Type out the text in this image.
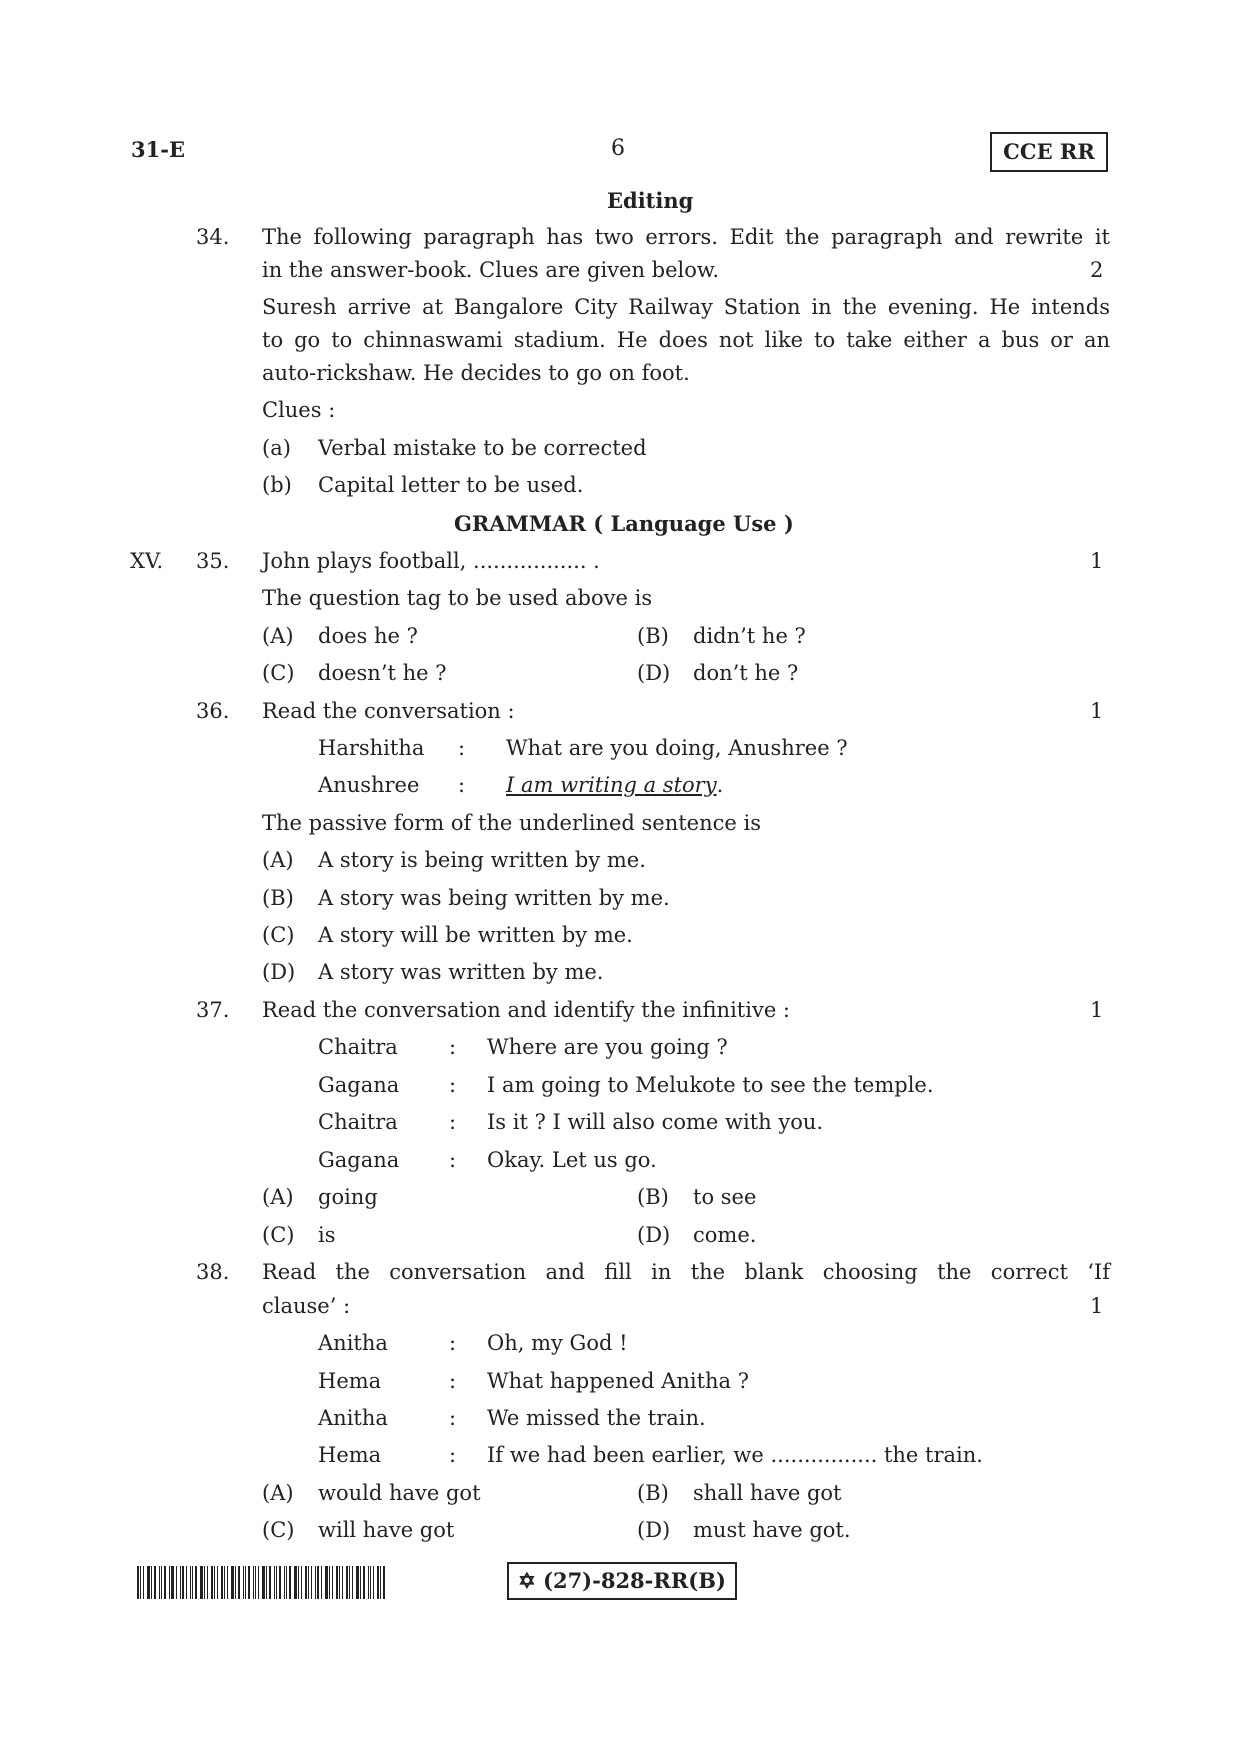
31-E	6	CCE RR
Editing
34. The following paragraph has two errors. Edit the paragraph and rewrite it
in the answer-book. Clues are given below.	2
Suresh arrive at Bangalore City Railway Station in the evening. He intends
to go to chinnaswami stadium. He does not like to take either a bus or an
auto-rickshaw. He decides to go on foot.
Clues :
(a) Verbal mistake to be corrected
(b) Capital letter to be used.
GRAMMAR ( Language Use )
XV. 35. John plays football, ................. .	1
The question tag to be used above is
(A) does he ?	(B) didn’t he ?
(C) doesn’t he ?	(D) don’t he ?
36. Read the conversation :	1
Harshitha : What are you doing, Anushree ?
Anushree : I am writing a story.
The passive form of the underlined sentence is
(A) A story is being written by me.
(B) A story was being written by me.
(C) A story will be written by me.
(D) A story was written by me.
37. Read the conversation and identify the infinitive :	1
Chaitra : Where are you going ?
Gagana : I am going to Melukote to see the temple.
Chaitra : Is it ? I will also come with you.
Gagana : Okay. Let us go.
(A) going	(B) to see
(C) is	(D) come.
38. Read the conversation and fill in the blank choosing the correct ‘If
clause’ :	1
Anitha	: Oh, my God !
Hema	: What happened Anitha ?
Anitha	: We missed the train.
Hema	: If we had been earlier, we ................ the train.
(A) would have got	(B) shall have got
(C) will have got	(D) must have got.
✡ (27)-828-RR(B)
